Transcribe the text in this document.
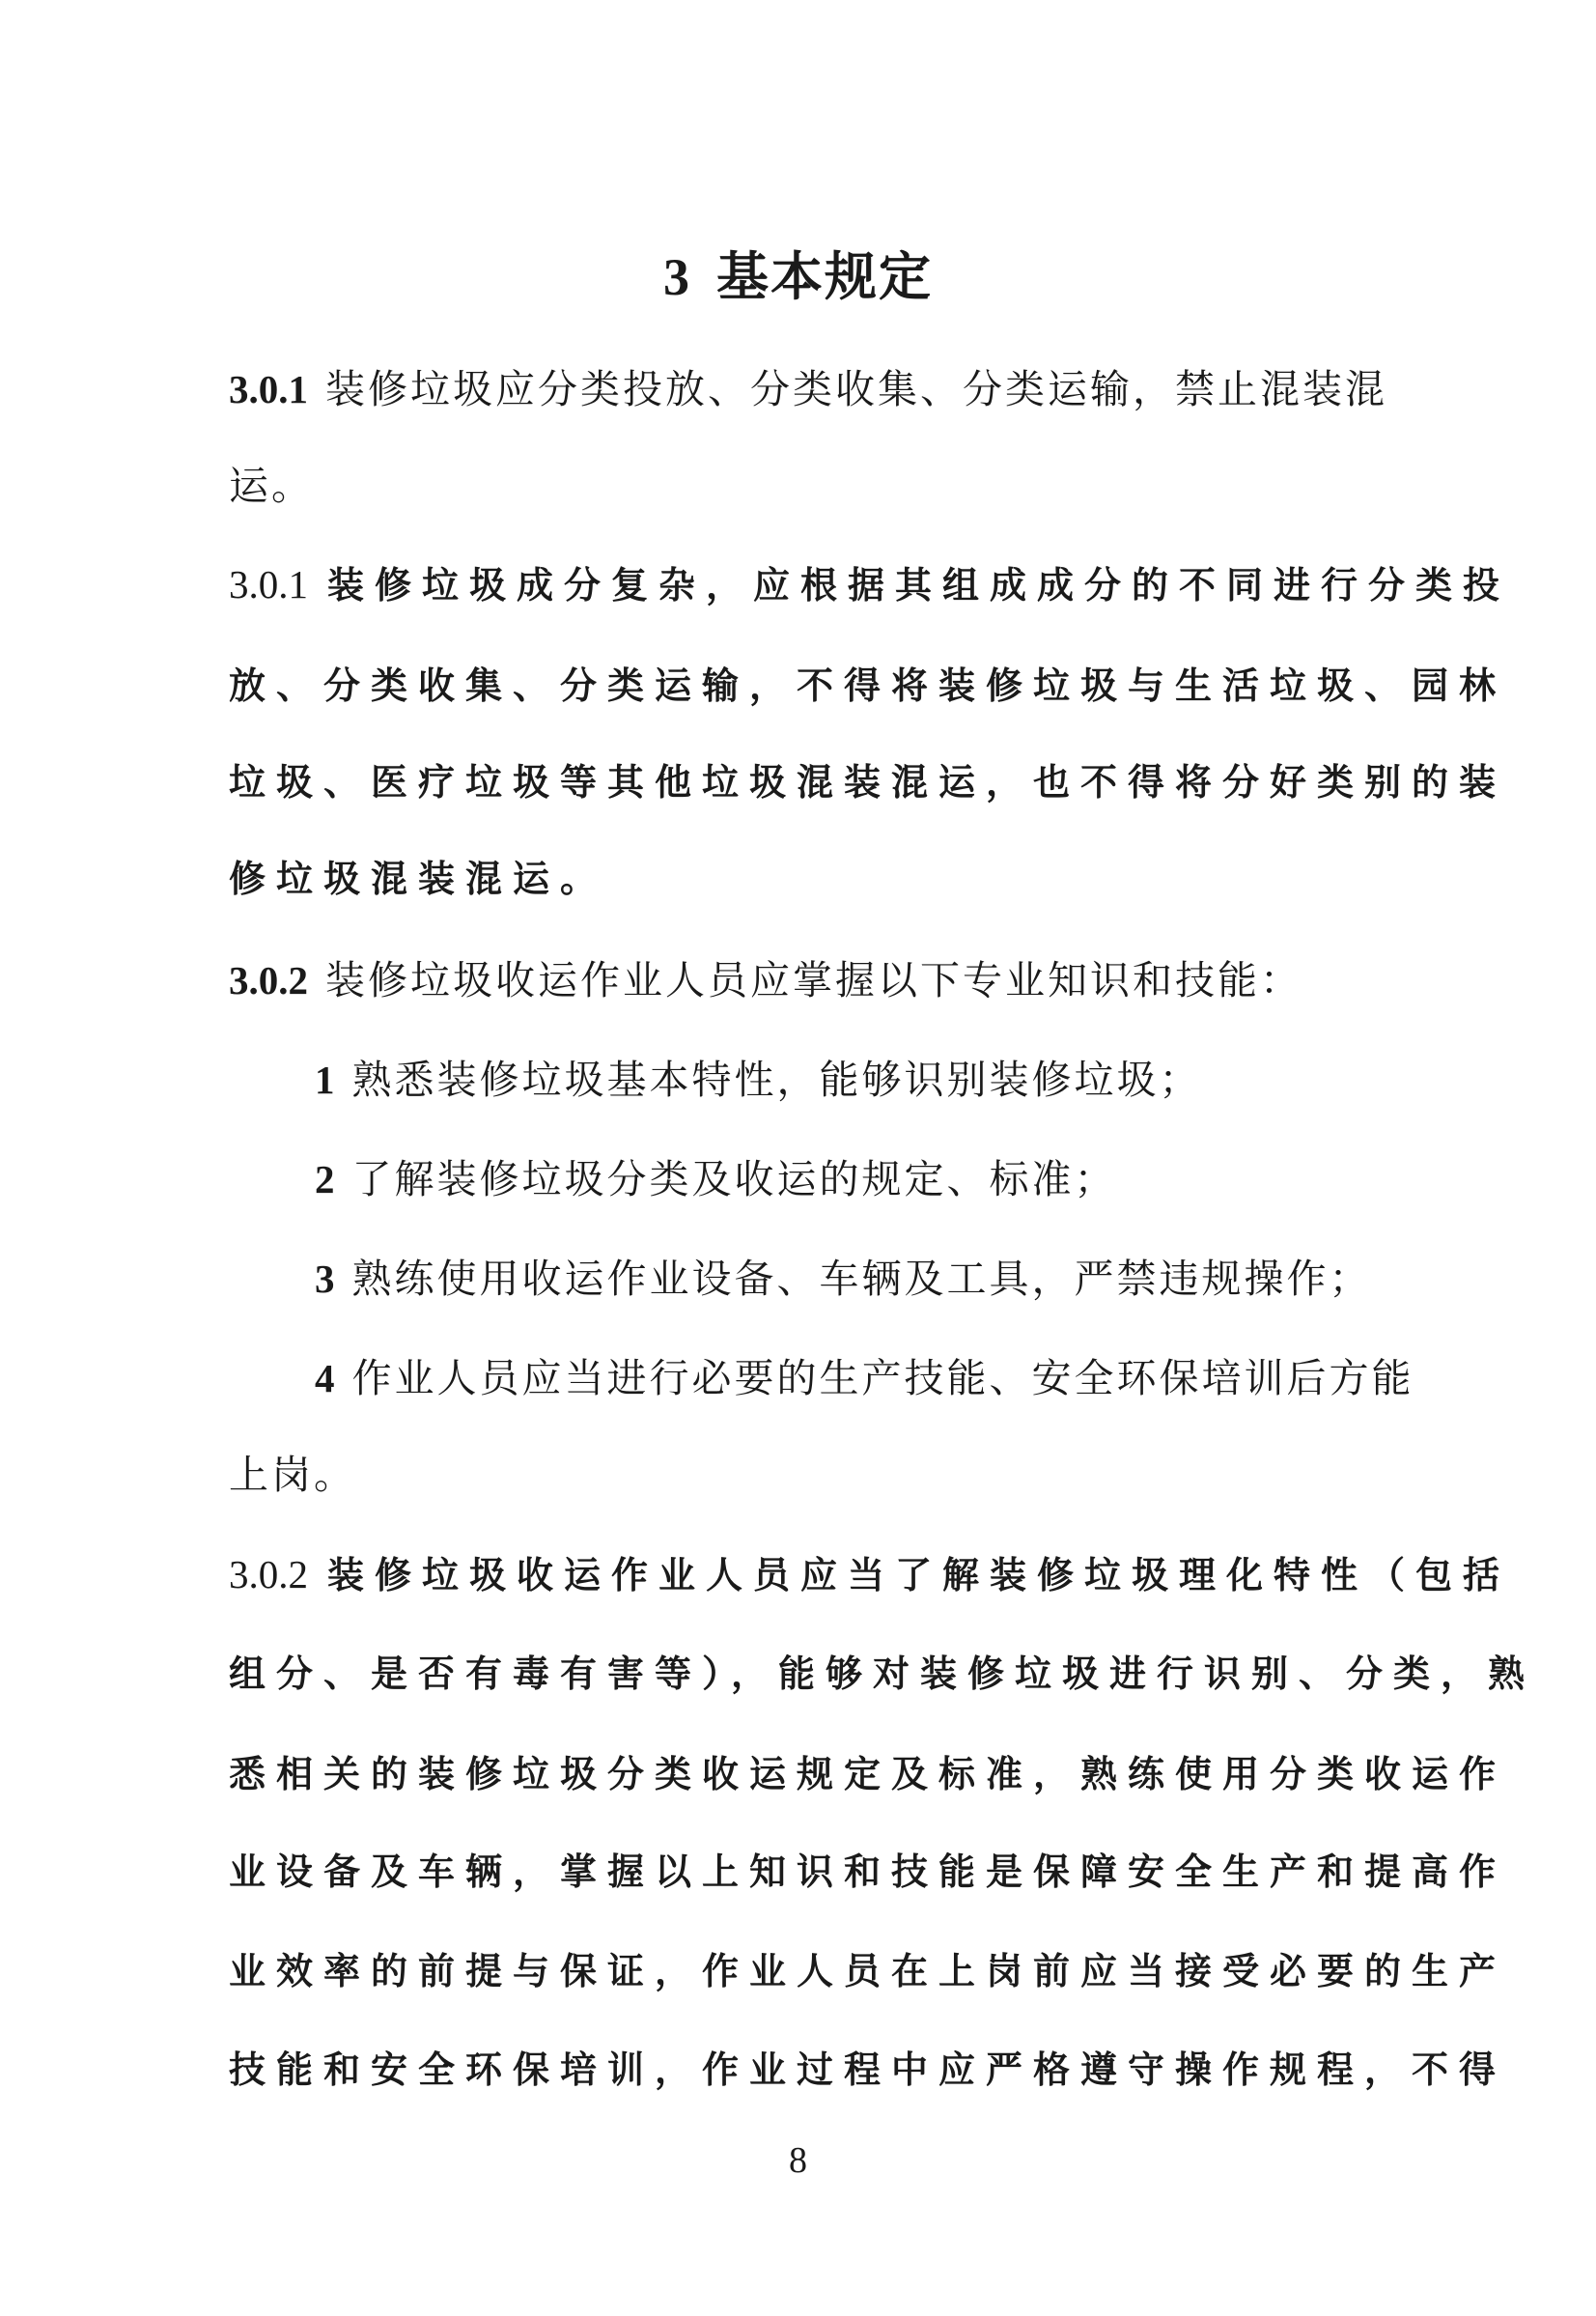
3 基本规定
3.0.1 装修垃圾应分类投放、分类收集、分类运输，禁止混装混
运。
3.0.1 装修垃圾成分复杂，应根据其组成成分的不同进行分类投
放、分类收集、分类运输，不得将装修垃圾与生活垃圾、园林
垃圾、医疗垃圾等其他垃圾混装混运，也不得将分好类别的装
修垃圾混装混运。
3.0.2 装修垃圾收运作业人员应掌握以下专业知识和技能：
1 熟悉装修垃圾基本特性，能够识别装修垃圾；
2 了解装修垃圾分类及收运的规定、标准；
3 熟练使用收运作业设备、车辆及工具，严禁违规操作；
4 作业人员应当进行必要的生产技能、安全环保培训后方能
上岗。
3.0.2 装修垃圾收运作业人员应当了解装修垃圾理化特性（包括
组分、是否有毒有害等），能够对装修垃圾进行识别、分类，熟
悉相关的装修垃圾分类收运规定及标准，熟练使用分类收运作
业设备及车辆，掌握以上知识和技能是保障安全生产和提高作
业效率的前提与保证，作业人员在上岗前应当接受必要的生产
技能和安全环保培训，作业过程中应严格遵守操作规程，不得
8
